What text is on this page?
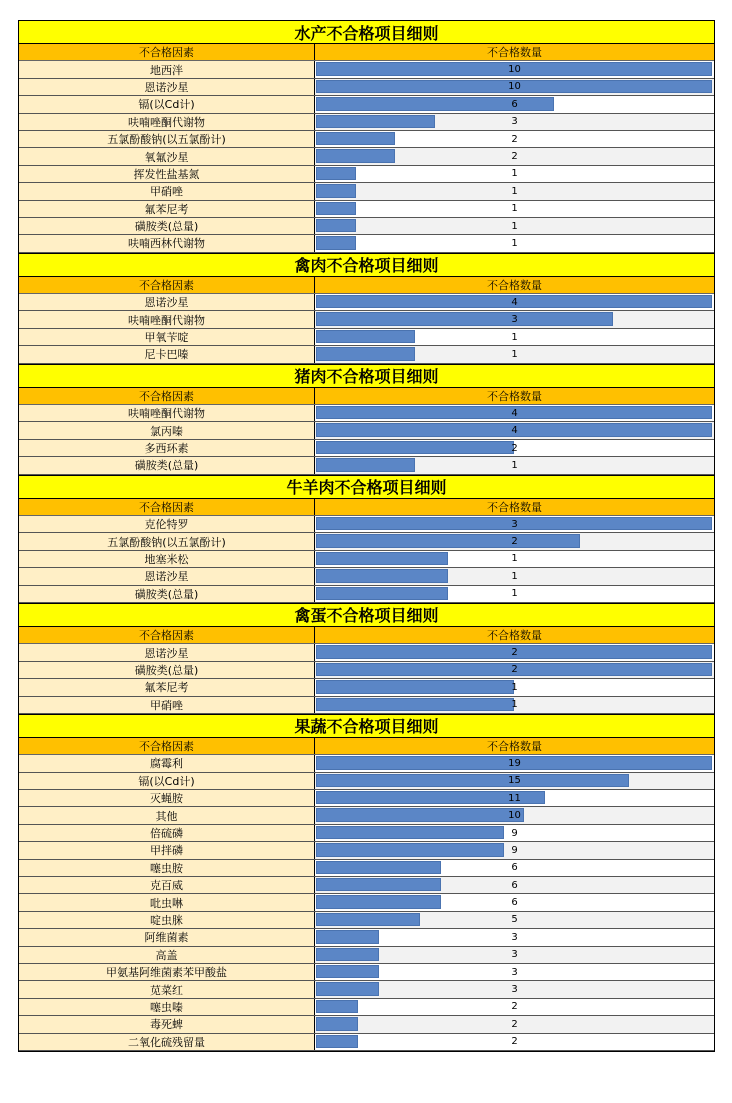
水产不合格项目细则
不合格因素	不合格数量
地西泮	10
恩诺沙星	10
镉(以Cd计)	6
呋喃唑酮代谢物	3
五氯酚酸钠(以五氯酚计)	2
氧氟沙星	2
挥发性盐基氮	1
甲硝唑	1
氟苯尼考	1
磺胺类(总量)	1
呋喃西林代谢物	1
禽肉不合格项目细则
不合格因素	不合格数量
恩诺沙星	4
呋喃唑酮代谢物	3
甲氧苄啶	1
尼卡巴嗪	1
猪肉不合格项目细则
不合格因素	不合格数量
呋喃唑酮代谢物	4
氯丙嗪	4
多西环素	2
磺胺类(总量)	1
牛羊肉不合格项目细则
不合格因素	不合格数量
克伦特罗	3
五氯酚酸钠(以五氯酚计)	2
地塞米松	1
恩诺沙星	1
磺胺类(总量)	1
禽蛋不合格项目细则
不合格因素	不合格数量
恩诺沙星	2
磺胺类(总量)	2
氟苯尼考	1
甲硝唑	1
果蔬不合格项目细则
不合格因素	不合格数量
腐霉利	19
镉(以Cd计)	15
灭蝇胺	11
其他	10
倍硫磷	9
甲拌磷	9
噻虫胺	6
克百威	6
吡虫啉	6
啶虫脒	5
阿维菌素	3
高盖	3
甲氨基阿维菌素苯甲酸盐	3
苋菜红	3
噻虫嗪	2
毒死蜱	2
二氧化硫残留量	2
